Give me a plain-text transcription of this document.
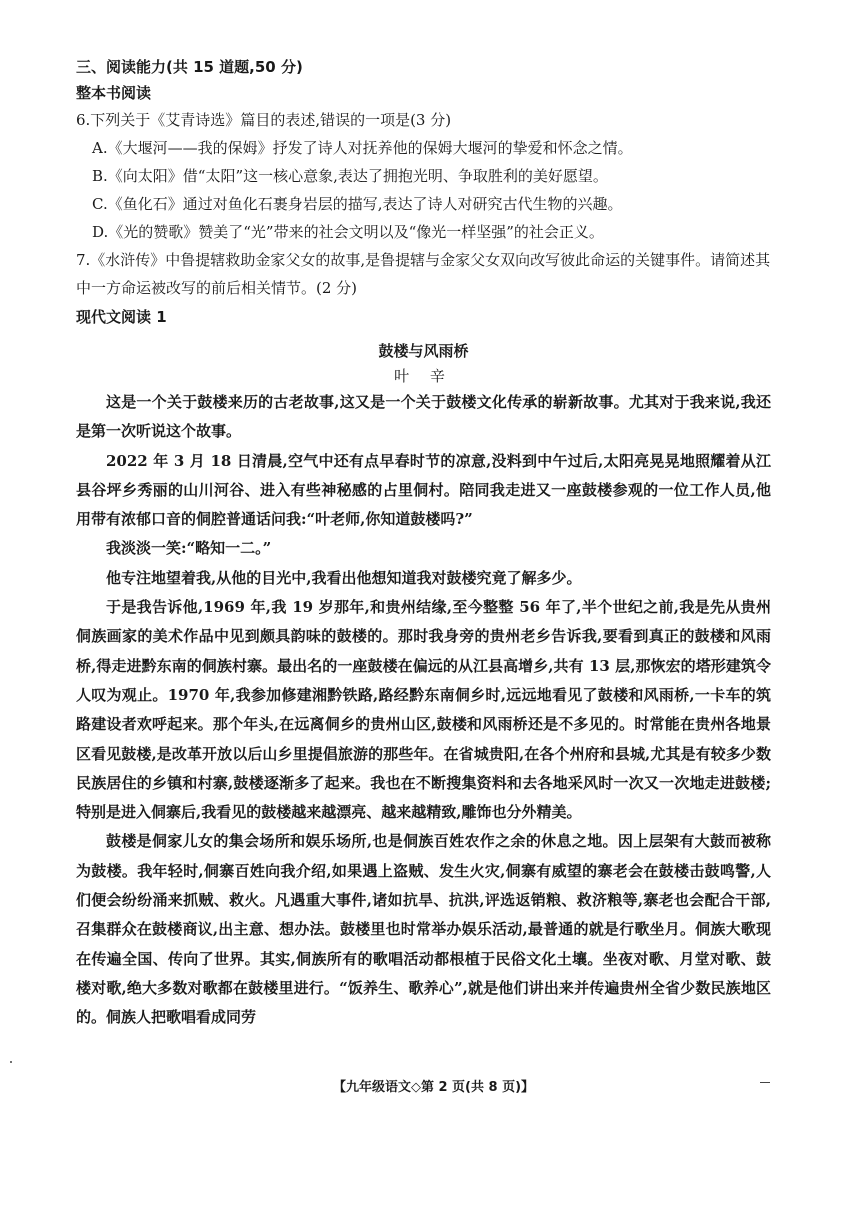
三、阅读能力(共 15 道题,50 分)

整本书阅读

6.下列关于《艾青诗选》篇目的表述,错误的一项是(3 分)

A.《大堰河——我的保姆》抒发了诗人对抚养他的保姆大堰河的挚爱和怀念之情。

B.《向太阳》借“太阳”这一核心意象,表达了拥抱光明、争取胜利的美好愿望。

C.《鱼化石》通过对鱼化石裹身岩层的描写,表达了诗人对研究古代生物的兴趣。

D.《光的赞歌》赞美了“光”带来的社会文明以及“像光一样坚强”的社会正义。

7.《水浒传》中鲁提辖救助金家父女的故事,是鲁提辖与金家父女双向改写彼此命运的关键事件。请简述其中一方命运被改写的前后相关情节。(2 分)

现代文阅读 1

鼓楼与风雨桥

叶 辛

这是一个关于鼓楼来历的古老故事,这又是一个关于鼓楼文化传承的崭新故事。尤其对于我来说,我还是第一次听说这个故事。

2022 年 3 月 18 日清晨,空气中还有点早春时节的凉意,没料到中午过后,太阳亮晃晃地照耀着从江县谷坪乡秀丽的山川河谷、进入有些神秘感的占里侗村。陪同我走进又一座鼓楼参观的一位工作人员,他用带有浓郁口音的侗腔普通话问我:“叶老师,你知道鼓楼吗?”

我淡淡一笑:“略知一二。”

他专注地望着我,从他的目光中,我看出他想知道我对鼓楼究竟了解多少。

于是我告诉他,1969 年,我 19 岁那年,和贵州结缘,至今整整 56 年了,半个世纪之前,我是先从贵州侗族画家的美术作品中见到颇具韵味的鼓楼的。那时我身旁的贵州老乡告诉我,要看到真正的鼓楼和风雨桥,得走进黔东南的侗族村寨。最出名的一座鼓楼在偏远的从江县高增乡,共有 13 层,那恢宏的塔形建筑令人叹为观止。1970 年,我参加修建湘黔铁路,路经黔东南侗乡时,远远地看见了鼓楼和风雨桥,一卡车的筑路建设者欢呼起来。那个年头,在远离侗乡的贵州山区,鼓楼和风雨桥还是不多见的。时常能在贵州各地景区看见鼓楼,是改革开放以后山乡里提倡旅游的那些年。在省城贵阳,在各个州府和县城,尤其是有较多少数民族居住的乡镇和村寨,鼓楼逐渐多了起来。我也在不断搜集资料和去各地采风时一次又一次地走进鼓楼;特别是进入侗寨后,我看见的鼓楼越来越漂亮、越来越精致,雕饰也分外精美。

鼓楼是侗家儿女的集会场所和娱乐场所,也是侗族百姓农作之余的休息之地。因上层架有大鼓而被称为鼓楼。我年轻时,侗寨百姓向我介绍,如果遇上盗贼、发生火灾,侗寨有威望的寨老会在鼓楼击鼓鸣警,人们便会纷纷涌来抓贼、救火。凡遇重大事件,诸如抗旱、抗洪,评选返销粮、救济粮等,寨老也会配合干部,召集群众在鼓楼商议,出主意、想办法。鼓楼里也时常举办娱乐活动,最普通的就是行歌坐月。侗族大歌现在传遍全国、传向了世界。其实,侗族所有的歌唱活动都根植于民俗文化土壤。坐夜对歌、月堂对歌、鼓楼对歌,绝大多数对歌都在鼓楼里进行。“饭养生、歌养心”,就是他们讲出来并传遍贵州全省少数民族地区的。侗族人把歌唱看成同劳

【九年级语文◇第 2 页(共 8 页)】
